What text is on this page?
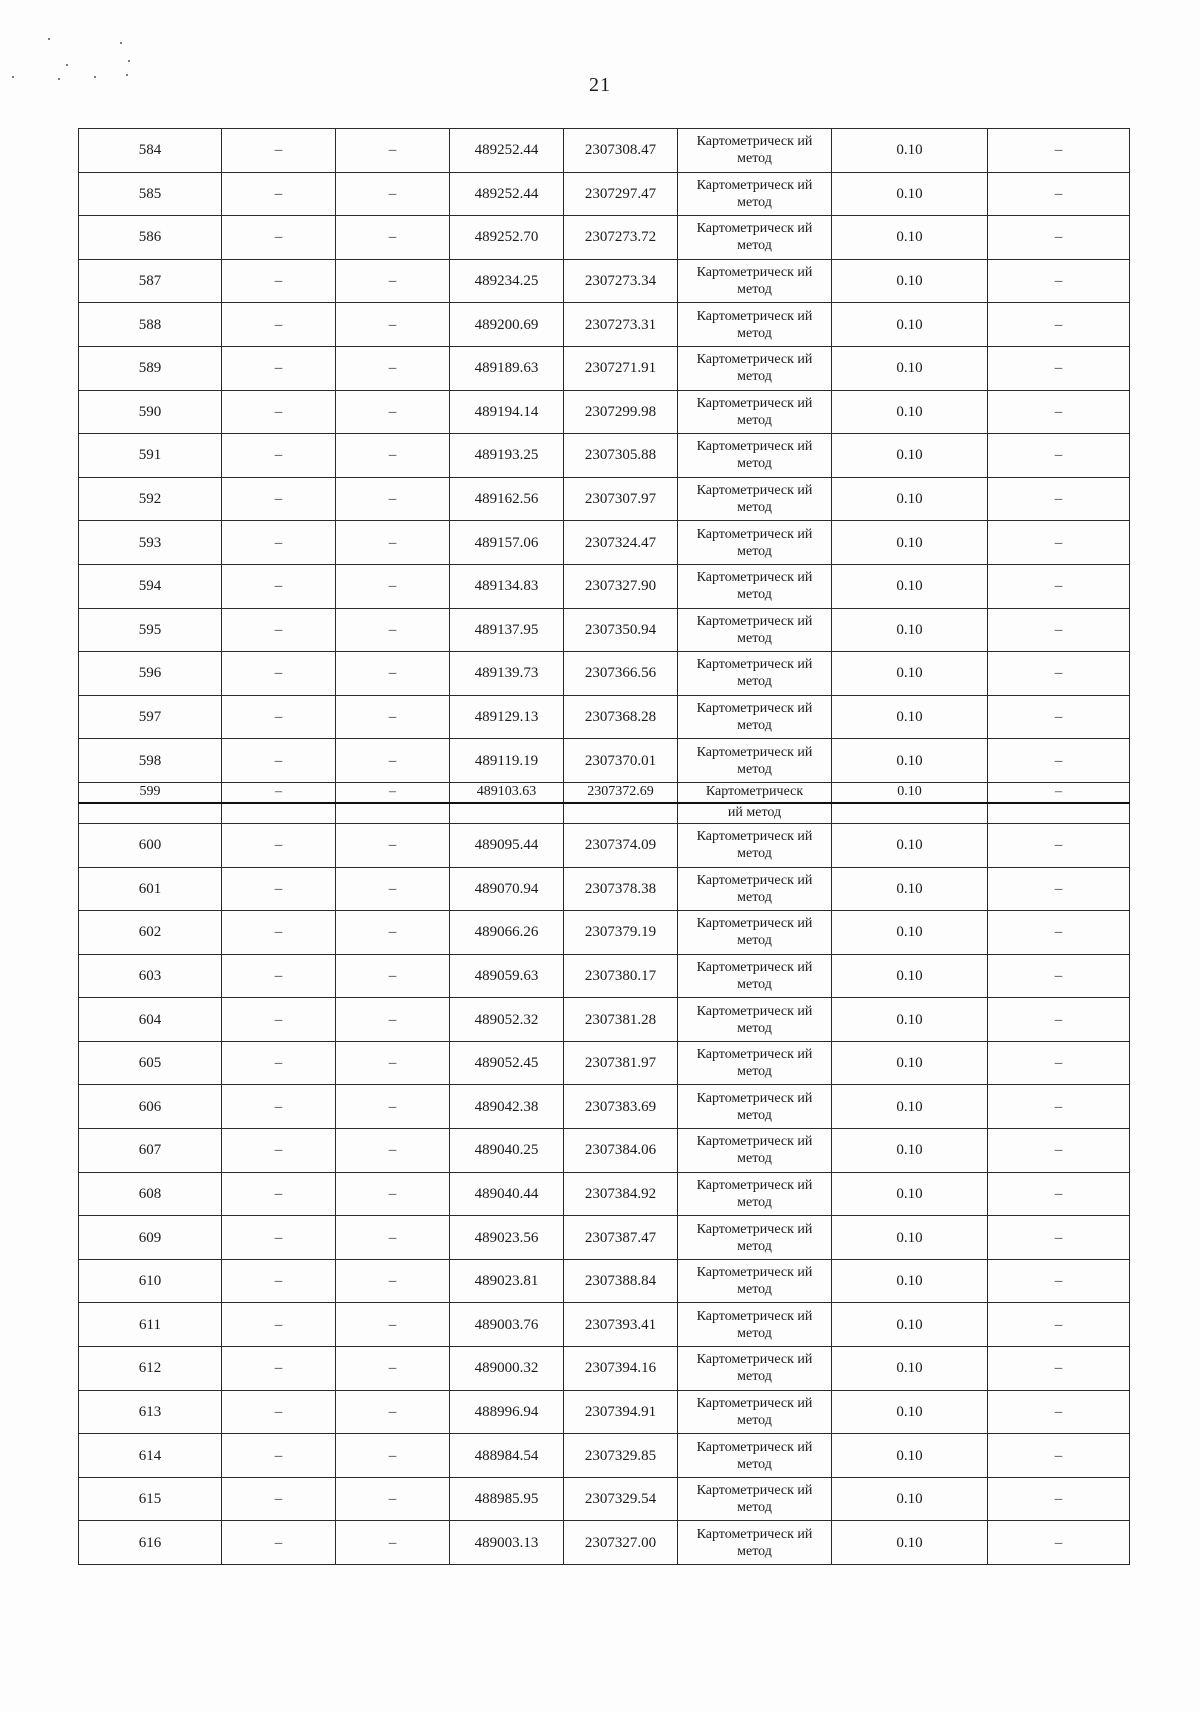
21
584	–	–	489252.44	2307308.47	Картометрическ ий метод	0.10	–
585	–	–	489252.44	2307297.47	Картометрическ ий метод	0.10	–
586	–	–	489252.70	2307273.72	Картометрическ ий метод	0.10	–
587	–	–	489234.25	2307273.34	Картометрическ ий метод	0.10	–
588	–	–	489200.69	2307273.31	Картометрическ ий метод	0.10	–
589	–	–	489189.63	2307271.91	Картометрическ ий метод	0.10	–
590	–	–	489194.14	2307299.98	Картометрическ ий метод	0.10	–
591	–	–	489193.25	2307305.88	Картометрическ ий метод	0.10	–
592	–	–	489162.56	2307307.97	Картометрическ ий метод	0.10	–
593	–	–	489157.06	2307324.47	Картометрическ ий метод	0.10	–
594	–	–	489134.83	2307327.90	Картометрическ ий метод	0.10	–
595	–	–	489137.95	2307350.94	Картометрическ ий метод	0.10	–
596	–	–	489139.73	2307366.56	Картометрическ ий метод	0.10	–
597	–	–	489129.13	2307368.28	Картометрическ ий метод	0.10	–
598	–	–	489119.19	2307370.01	Картометрическ ий метод	0.10	–
599	–	–	489103.63	2307372.69	Картометрическ	0.10	–
					ий метод		
600	–	–	489095.44	2307374.09	Картометрическ ий метод	0.10	–
601	–	–	489070.94	2307378.38	Картометрическ ий метод	0.10	–
602	–	–	489066.26	2307379.19	Картометрическ ий метод	0.10	–
603	–	–	489059.63	2307380.17	Картометрическ ий метод	0.10	–
604	–	–	489052.32	2307381.28	Картометрическ ий метод	0.10	–
605	–	–	489052.45	2307381.97	Картометрическ ий метод	0.10	–
606	–	–	489042.38	2307383.69	Картометрическ ий метод	0.10	–
607	–	–	489040.25	2307384.06	Картометрическ ий метод	0.10	–
608	–	–	489040.44	2307384.92	Картометрическ ий метод	0.10	–
609	–	–	489023.56	2307387.47	Картометрическ ий метод	0.10	–
610	–	–	489023.81	2307388.84	Картометрическ ий метод	0.10	–
611	–	–	489003.76	2307393.41	Картометрическ ий метод	0.10	–
612	–	–	489000.32	2307394.16	Картометрическ ий метод	0.10	–
613	–	–	488996.94	2307394.91	Картометрическ ий метод	0.10	–
614	–	–	488984.54	2307329.85	Картометрическ ий метод	0.10	–
615	–	–	488985.95	2307329.54	Картометрическ ий метод	0.10	–
616	–	–	489003.13	2307327.00	Картометрическ ий метод	0.10	–
